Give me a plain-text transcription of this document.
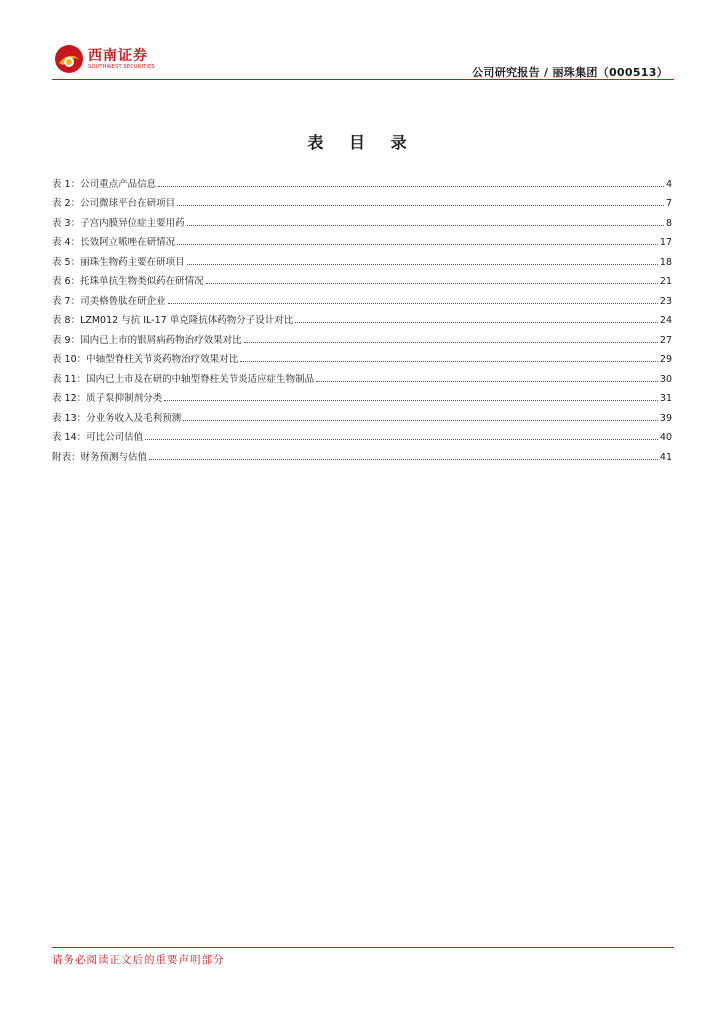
西南证券
SOUTHWEST SECURITIES	公司研究报告 / 丽珠集团（000513）
表 目 录
表 1：公司重点产品信息	4
表 2：公司微球平台在研项目	7
表 3：子宫内膜异位症主要用药	8
表 4：长效阿立哌唑在研情况	17
表 5：丽珠生物药主要在研项目	18
表 6：托珠单抗生物类似药在研情况	21
表 7：司美格鲁肽在研企业	23
表 8：LZM012 与抗 IL-17 单克隆抗体药物分子设计对比	24
表 9：国内已上市的银屑病药物治疗效果对比	27
表 10：中轴型脊柱关节炎药物治疗效果对比	29
表 11：国内已上市及在研的中轴型脊柱关节炎适应症生物制品	30
表 12：质子泵抑制剂分类	31
表 13：分业务收入及毛利预测	39
表 14：可比公司估值	40
附表：财务预测与估值	41
请务必阅读正文后的重要声明部分
